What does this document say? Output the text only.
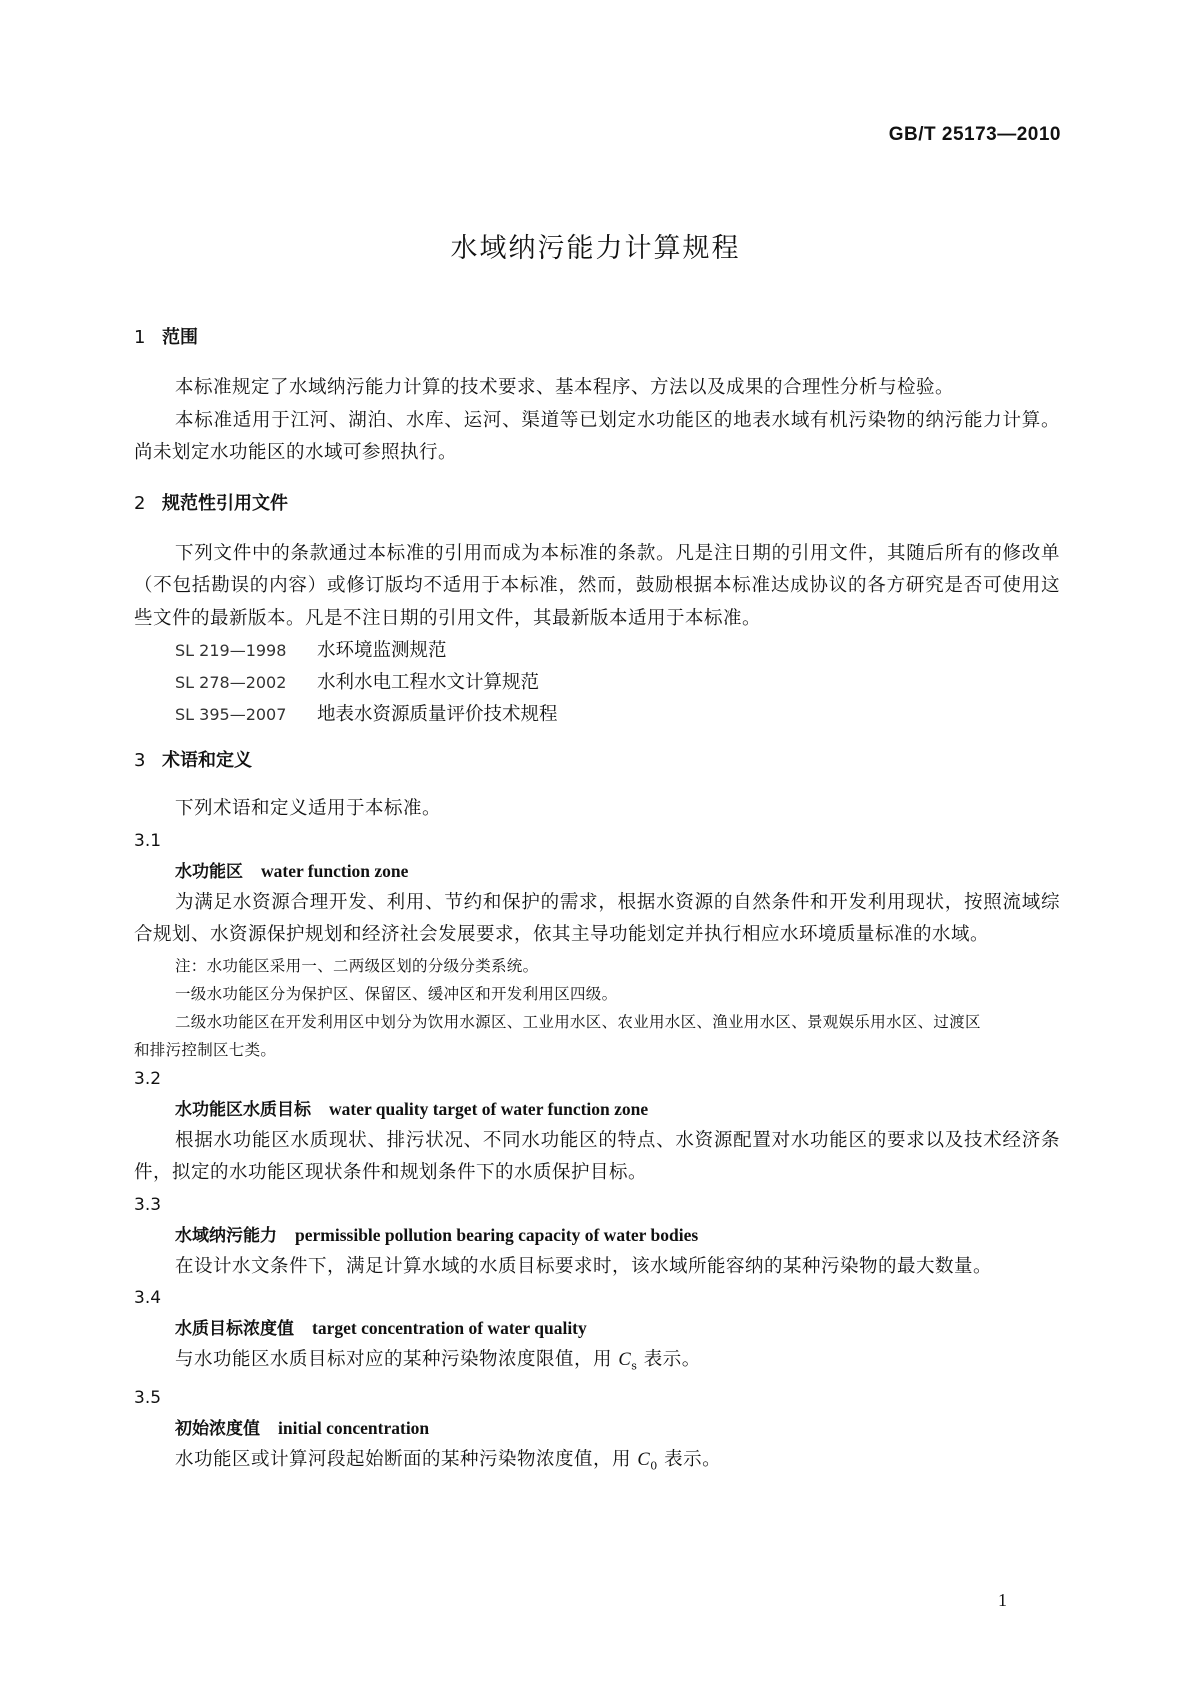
GB/T 25173—2010
水域纳污能力计算规程
1 范围

本标准规定了水域纳污能力计算的技术要求、基本程序、方法以及成果的合理性分析与检验。

本标准适用于江河、湖泊、水库、运河、渠道等已划定水功能区的地表水域有机污染物的纳污能力计算。尚未划定水功能区的水域可参照执行。

2 规范性引用文件

下列文件中的条款通过本标准的引用而成为本标准的条款。凡是注日期的引用文件，其随后所有的修改单（不包括勘误的内容）或修订版均不适用于本标准，然而，鼓励根据本标准达成协议的各方研究是否可使用这些文件的最新版本。凡是不注日期的引用文件，其最新版本适用于本标准。

SL 219—1998 水环境监测规范
SL 278—2002 水利水电工程水文计算规范
SL 395—2007 地表水资源质量评价技术规程
3 术语和定义

下列术语和定义适用于本标准。

3.1

水功能区 water function zone

为满足水资源合理开发、利用、节约和保护的需求，根据水资源的自然条件和开发利用现状，按照流域综合规划、水资源保护规划和经济社会发展要求，依其主导功能划定并执行相应水环境质量标准的水域。

注：水功能区采用一、二两级区划的分级分类系统。

一级水功能区分为保护区、保留区、缓冲区和开发利用区四级。

二级水功能区在开发利用区中划分为饮用水源区、工业用水区、农业用水区、渔业用水区、景观娱乐用水区、过渡区

和排污控制区七类。

3.2

水功能区水质目标 water quality target of water function zone

根据水功能区水质现状、排污状况、不同水功能区的特点、水资源配置对水功能区的要求以及技术经济条件，拟定的水功能区现状条件和规划条件下的水质保护目标。

3.3

水域纳污能力 permissible pollution bearing capacity of water bodies

在设计水文条件下，满足计算水域的水质目标要求时，该水域所能容纳的某种污染物的最大数量。

3.4

水质目标浓度值 target concentration of water quality

与水功能区水质目标对应的某种污染物浓度限值，用 $C_s$ 表示。

3.5

初始浓度值 initial concentration

水功能区或计算河段起始断面的某种污染物浓度值，用 $C_0$ 表示。

1
